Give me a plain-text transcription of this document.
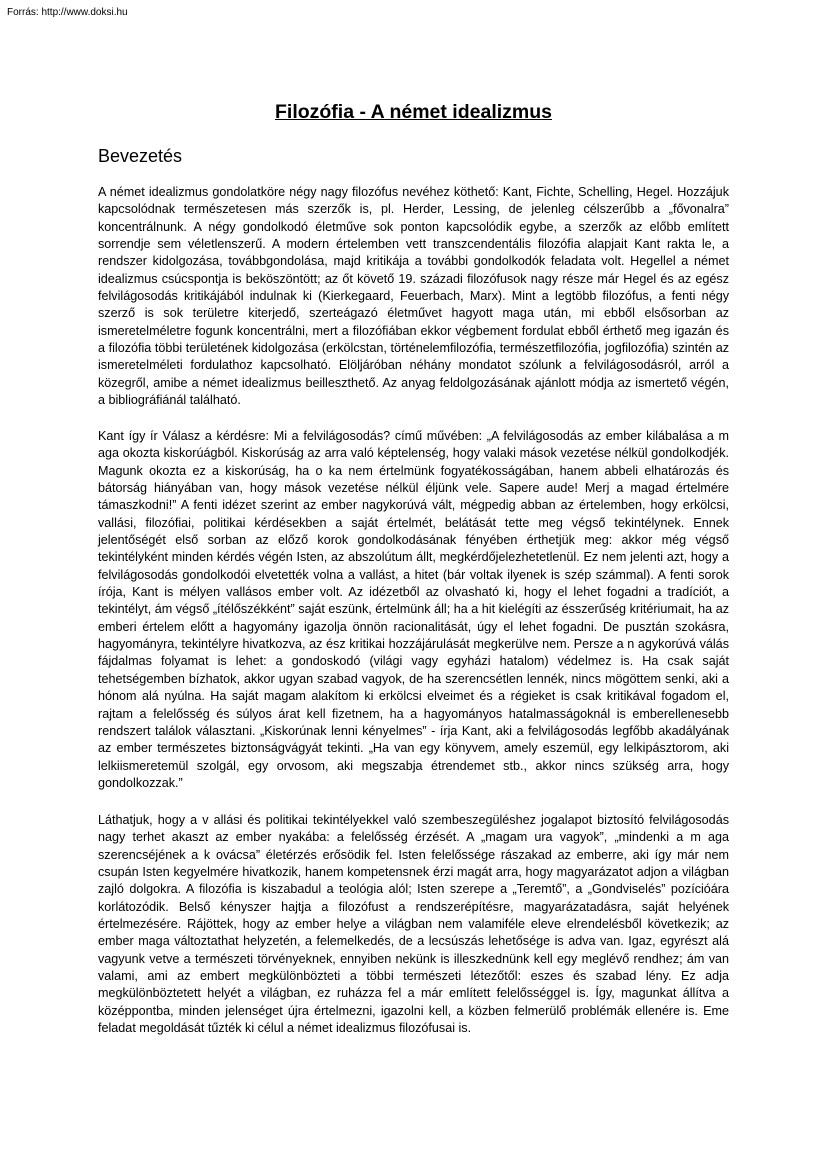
Forrás: http://www.doksi.hu
Filozófia - A német idealizmus
Bevezetés

A német idealizmus gondolatköre négy nagy filozófus nevéhez köthető: Kant, Fichte, Schelling, Hegel. Hozzájuk kapcsolódnak természetesen más szerzők is, pl. Herder, Lessing, de jelenleg célszerűbb a „fővonalra” koncentrálnunk. A négy gondolkodó életműve sok ponton kapcsolódik egybe, a szerzők az előbb említett sorrendje sem véletlenszerű. A modern értelemben vett transzcendentális filozófia alapjait Kant rakta le, a rendszer kidolgozása, továbbgondolása, majd kritikája a további gondolkodók feladata volt. Hegellel a német idealizmus csúcspontja is beköszöntött; az őt követő 19. századi filozófusok nagy része már Hegel és az egész felvilágosodás kritikájából indulnak ki (Kierkegaard, Feuerbach, Marx). Mint a legtöbb filozófus, a fenti négy szerző is sok területre kiterjedő, szerteágazó életművet hagyott maga után, mi ebből elsősorban az ismeretelméletre fogunk koncentrálni, mert a filozófiában ekkor végbement fordulat ebből érthető meg igazán és a filozófia többi területének kidolgozása (erkölcstan, történelemfilozófia, természetfilozófia, jogfilozófia) szintén az ismeretelméleti fordulathoz kapcsolható. Elöljáróban néhány mondatot szólunk a felvilágosodásról, arról a közegről, amibe a német idealizmus beilleszthető. Az anyag feldolgozásának ajánlott módja az ismertető végén, a bibliográfiánál található.

Kant így ír Válasz a kérdésre: Mi a felvilágosodás? című művében: „A felvilágosodás az ember kilábalása a m aga okozta kiskorúágból. Kiskorúság az arra való képtelenség, hogy valaki mások vezetése nélkül gondolkodjék. Magunk okozta ez a kiskorúság, ha o ka nem értelmünk fogyatékosságában, hanem abbeli elhatározás és bátorság hiányában van, hogy mások vezetése nélkül éljünk vele. Sapere aude! Merj a magad értelmére támaszkodni!” A fenti idézet szerint az ember nagykorúvá vált, mégpedig abban az értelemben, hogy erkölcsi, vallási, filozófiai, politikai kérdésekben a saját értelmét, belátását tette meg végső tekintélynek. Ennek jelentőségét első sorban az előző korok gondolkodásának fényében érthetjük meg: akkor még végső tekintélyként minden kérdés végén Isten, az abszolútum állt, megkérdőjelezhetetlenül. Ez nem jelenti azt, hogy a felvilágosodás gondolkodói elvetették volna a vallást, a hitet (bár voltak ilyenek is szép számmal). A fenti sorok írója, Kant is mélyen vallásos ember volt. Az idézetből az olvasható ki, hogy el lehet fogadni a tradíciót, a tekintélyt, ám végső „ítélőszékként” saját eszünk, értelmünk áll; ha a hit kielégíti az ésszerűség kritériumait, ha az emberi értelem előtt a hagyomány igazolja önnön racionalitását, úgy el lehet fogadni. De pusztán szokásra, hagyományra, tekintélyre hivatkozva, az ész kritikai hozzájárulását megkerülve nem. Persze a n agykorúvá válás fájdalmas folyamat is lehet: a gondoskodó (világi vagy egyházi hatalom) védelmez is. Ha csak saját tehetségemben bízhatok, akkor ugyan szabad vagyok, de ha szerencsétlen lennék, nincs mögöttem senki, aki a hónom alá nyúlna. Ha saját magam alakítom ki erkölcsi elveimet és a régieket is csak kritikával fogadom el, rajtam a felelősség és súlyos árat kell fizetnem, ha a hagyományos hatalmasságoknál is emberellenesebb rendszert találok választani. „Kiskorúnak lenni kényelmes” - írja Kant, aki a felvilágosodás legfőbb akadályának az ember természetes biztonságvágyát tekinti. „Ha van egy könyvem, amely eszemül, egy lelkipásztorom, aki lelkiismeretemül szolgál, egy orvosom, aki megszabja étrendemet stb., akkor nincs szükség arra, hogy gondolkozzak.”

Láthatjuk, hogy a v allási és politikai tekintélyekkel való szembeszegüléshez jogalapot biztosító felvilágosodás nagy terhet akaszt az ember nyakába: a felelősség érzését. A „magam ura vagyok”, „mindenki a m aga szerencséjének a k ovácsa” életérzés erősödik fel. Isten felelőssége rászakad az emberre, aki így már nem csupán Isten kegyelmére hivatkozik, hanem kompetensnek érzi magát arra, hogy magyarázatot adjon a világban zajló dolgokra. A filozófia is kiszabadul a teológia alól; Isten szerepe a „Teremtő”, a „Gondviselés” pozícióára korlátozódik. Belső kényszer hajtja a filozófust a rendszerépítésre, magyarázatadásra, saját helyének értelmezésére. Rájöttek, hogy az ember helye a világban nem valamiféle eleve elrendelésből következik; az ember maga változtathat helyzetén, a felemelkedés, de a lecsúszás lehetősége is adva van. Igaz, egyrészt alá vagyunk vetve a természeti törvényeknek, ennyiben nekünk is illeszkednünk kell egy meglévő rendhez; ám van valami, ami az embert megkülönbözteti a többi természeti létezőtől: eszes és szabad lény. Ez adja megkülönböztetett helyét a világban, ez ruházza fel a már említett felelősséggel is. Így, magunkat állítva a középpontba, minden jelenséget újra értelmezni, igazolni kell, a közben felmerülő problémák ellenére is. Eme feladat megoldását tűzték ki célul a német idealizmus filozófusai is.
